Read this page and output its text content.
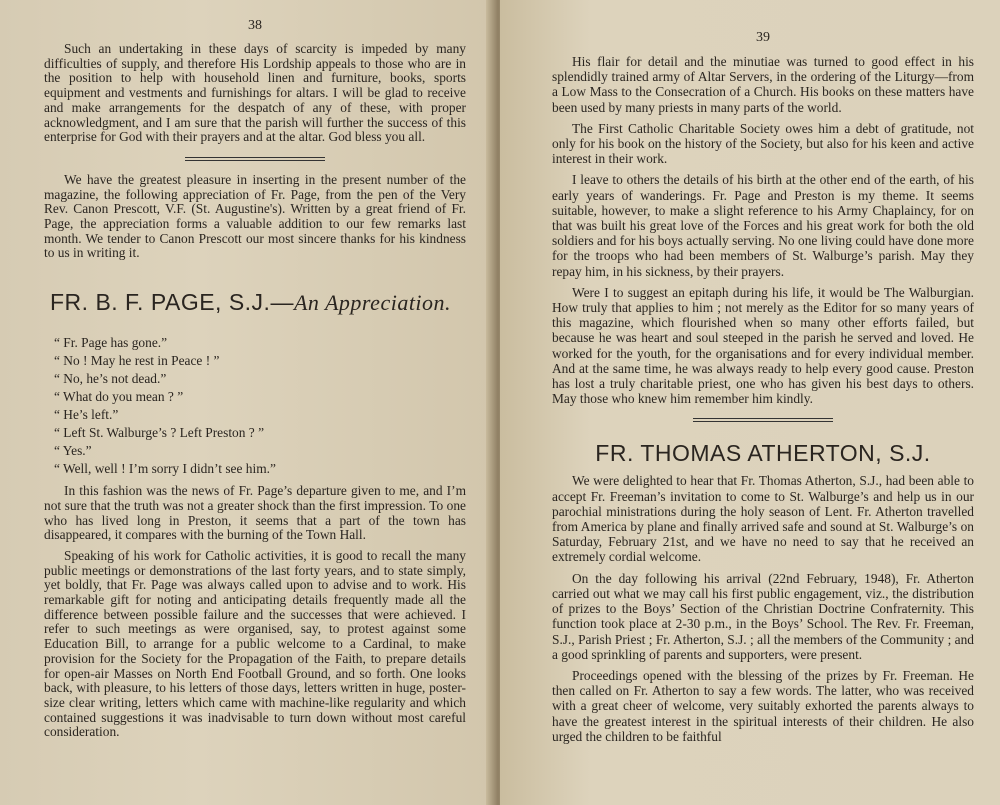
38

Such an undertaking in these days of scarcity is impeded by many difficulties of supply, and therefore His Lordship appeals to those who are in the position to help with household linen and furniture, books, sports equipment and vestments and furnishings for altars. I will be glad to receive and make arrangements for the despatch of any of these, with proper acknowledgment, and I am sure that the parish will further the success of this enterprise for God with their prayers and at the altar. God bless you all.

We have the greatest pleasure in inserting in the present number of the magazine, the following appreciation of Fr. Page, from the pen of the Very Rev. Canon Prescott, V.F. (St. Augustine's). Written by a great friend of Fr. Page, the appreciation forms a valuable addition to our few remarks last month. We tender to Canon Prescott our most sincere thanks for his kindness to us in writing it.

FR. B. F. PAGE, S.J.—An Appreciation.
“ Fr. Page has gone.”
“ No ! May he rest in Peace ! ”
“ No, he’s not dead.”
“ What do you mean ? ”
“ He’s left.”
“ Left St. Walburge’s ? Left Preston ? ”
“ Yes.”
“ Well, well ! I’m sorry I didn’t see him.”

In this fashion was the news of Fr. Page’s departure given to me, and I’m not sure that the truth was not a greater shock than the first impression. To one who has lived long in Preston, it seems that a part of the town has disappeared, it compares with the burning of the Town Hall.

Speaking of his work for Catholic activities, it is good to recall the many public meetings or demonstrations of the last forty years, and to state simply, yet boldly, that Fr. Page was always called upon to advise and to work. His remarkable gift for noting and anticipating details frequently made all the difference between possible failure and the successes that were achieved. I refer to such meetings as were organised, say, to protest against some Education Bill, to arrange for a public welcome to a Cardinal, to make provision for the Society for the Propagation of the Faith, to prepare details for open-air Masses on North End Football Ground, and so forth. One looks back, with pleasure, to his letters of those days, letters written in huge, poster-size clear writing, letters which came with machine-like regularity and which contained suggestions it was inadvisable to turn down without most careful consideration.

39

His flair for detail and the minutiae was turned to good effect in his splendidly trained army of Altar Servers, in the ordering of the Liturgy—from a Low Mass to the Consecration of a Church. His books on these matters have been used by many priests in many parts of the world.

The First Catholic Charitable Society owes him a debt of gratitude, not only for his book on the history of the Society, but also for his keen and active interest in their work.

I leave to others the details of his birth at the other end of the earth, of his early years of wanderings. Fr. Page and Preston is my theme. It seems suitable, however, to make a slight reference to his Army Chaplaincy, for on that was built his great love of the Forces and his great work for both the old soldiers and for his boys actually serving. No one living could have done more for the troops who had been members of St. Walburge’s parish. May they repay him, in his sickness, by their prayers.

Were I to suggest an epitaph during his life, it would be The Walburgian. How truly that applies to him ; not merely as the Editor for so many years of this magazine, which flourished when so many other efforts failed, but because he was heart and soul steeped in the parish he served and loved. He worked for the youth, for the organisations and for every individual member. And at the same time, he was always ready to help every good cause. Preston has lost a truly charitable priest, one who has given his best days to others. May those who knew him remember him kindly.

FR. THOMAS ATHERTON, S.J.

We were delighted to hear that Fr. Thomas Atherton, S.J., had been able to accept Fr. Freeman’s invitation to come to St. Walburge’s and help us in our parochial ministrations during the holy season of Lent. Fr. Atherton travelled from America by plane and finally arrived safe and sound at St. Walburge’s on Saturday, February 21st, and we have no need to say that he received an extremely cordial welcome.

On the day following his arrival (22nd February, 1948), Fr. Atherton carried out what we may call his first public engagement, viz., the distribution of prizes to the Boys’ Section of the Christian Doctrine Confraternity. This function took place at 2-30 p.m., in the Boys’ School. The Rev. Fr. Freeman, S.J., Parish Priest ; Fr. Atherton, S.J. ; all the members of the Community ; and a good sprinkling of parents and supporters, were present.

Proceedings opened with the blessing of the prizes by Fr. Freeman. He then called on Fr. Atherton to say a few words. The latter, who was received with a great cheer of welcome, very suitably exhorted the parents always to have the greatest interest in the spiritual interests of their children. He also urged the children to be faithful
